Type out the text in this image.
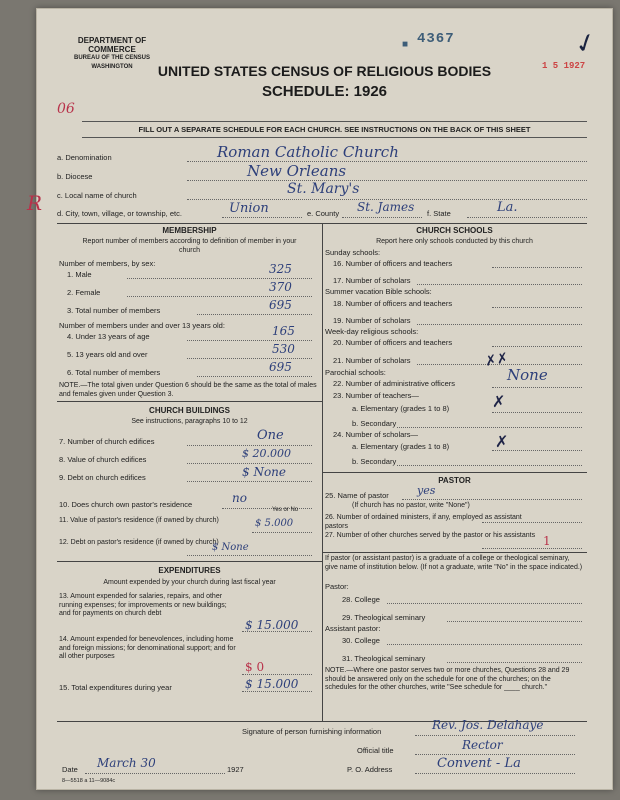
DEPARTMENT OF COMMERCE
BUREAU OF THE CENSUS
WASHINGTON
■ 4367
1 5 1927
✓
UNITED STATES CENSUS OF RELIGIOUS BODIES
SCHEDULE: 1926
06
R
FILL OUT A SEPARATE SCHEDULE FOR EACH CHURCH. SEE INSTRUCTIONS ON THE BACK OF THIS SHEET
a. Denomination	Roman Catholic Church
b. Diocese	New Orleans
c. Local name of church	St. Mary's
d. City, town, village, or township, etc.	Union	e. County St. James f. State	La.
MEMBERSHIP
Report number of members according to definition of member in your church
Number of members, by sex:
1. Male	325
2. Female	370
3. Total number of members	695
Number of members under and over 13 years old:
4. Under 13 years of age	165
5. 13 years old and over	530
6. Total number of members	695
NOTE.—The total given under Question 6 should be the same as the total of males and females given under Question 3.
CHURCH BUILDINGS
See instructions, paragraphs 10 to 12
7. Number of church edifices	One
8. Value of church edifices	$ 20.000
9. Debt on church edifices	$ None
10. Does church own pastor's residence	no
Yes or No
11. Value of pastor's residence (if owned by church)	$ 5.000
12. Debt on pastor's residence (if owned by church)
$ None
EXPENDITURES
Amount expended by your church during last fiscal year
13. Amount expended for salaries, repairs, and other running expenses; for improvements or new buildings; and for payments on church debt
$ 15.000
14. Amount expended for benevolences, including home and foreign missions; for denominational support; and for all other purposes
$ 0
15. Total expenditures during year	$ 15.000
CHURCH SCHOOLS
Report here only schools conducted by this church
Sunday schools:
16. Number of officers and teachers
17. Number of scholars
Summer vacation Bible schools:
18. Number of officers and teachers
19. Number of scholars
Week-day religious schools:
20. Number of officers and teachers
21. Number of scholars	✗✗
Parochial schools:
22. Number of administrative officers	None
23. Number of teachers—
a. Elementary (grades 1 to 8)	✗
b. Secondary
24. Number of scholars—
a. Elementary (grades 1 to 8)	✗
b. Secondary
PASTOR
25. Name of pastor	yes
(If church has no pastor, write "None")
26. Number of ordained ministers, if any, employed as assistant pastors
27. Number of other churches served by the pastor or his assistants 1
If pastor (or assistant pastor) is a graduate of a college or theological seminary, give name of institution below. (If not a graduate, write "No" in the space indicated.)
Pastor:
28. College
29. Theological seminary
Assistant pastor:
30. College
31. Theological seminary
NOTE.—Where one pastor serves two or more churches, Questions 28 and 29 should be answered only on the schedule for one of the churches; on the schedules for the other churches, write "See schedule for ____ church."
Signature of person furnishing information	Rev. Jos. Delahaye
Official title	Rector
Date March 30	1927	P. O. Address	Convent - La
8—5518 a 11—9084c
